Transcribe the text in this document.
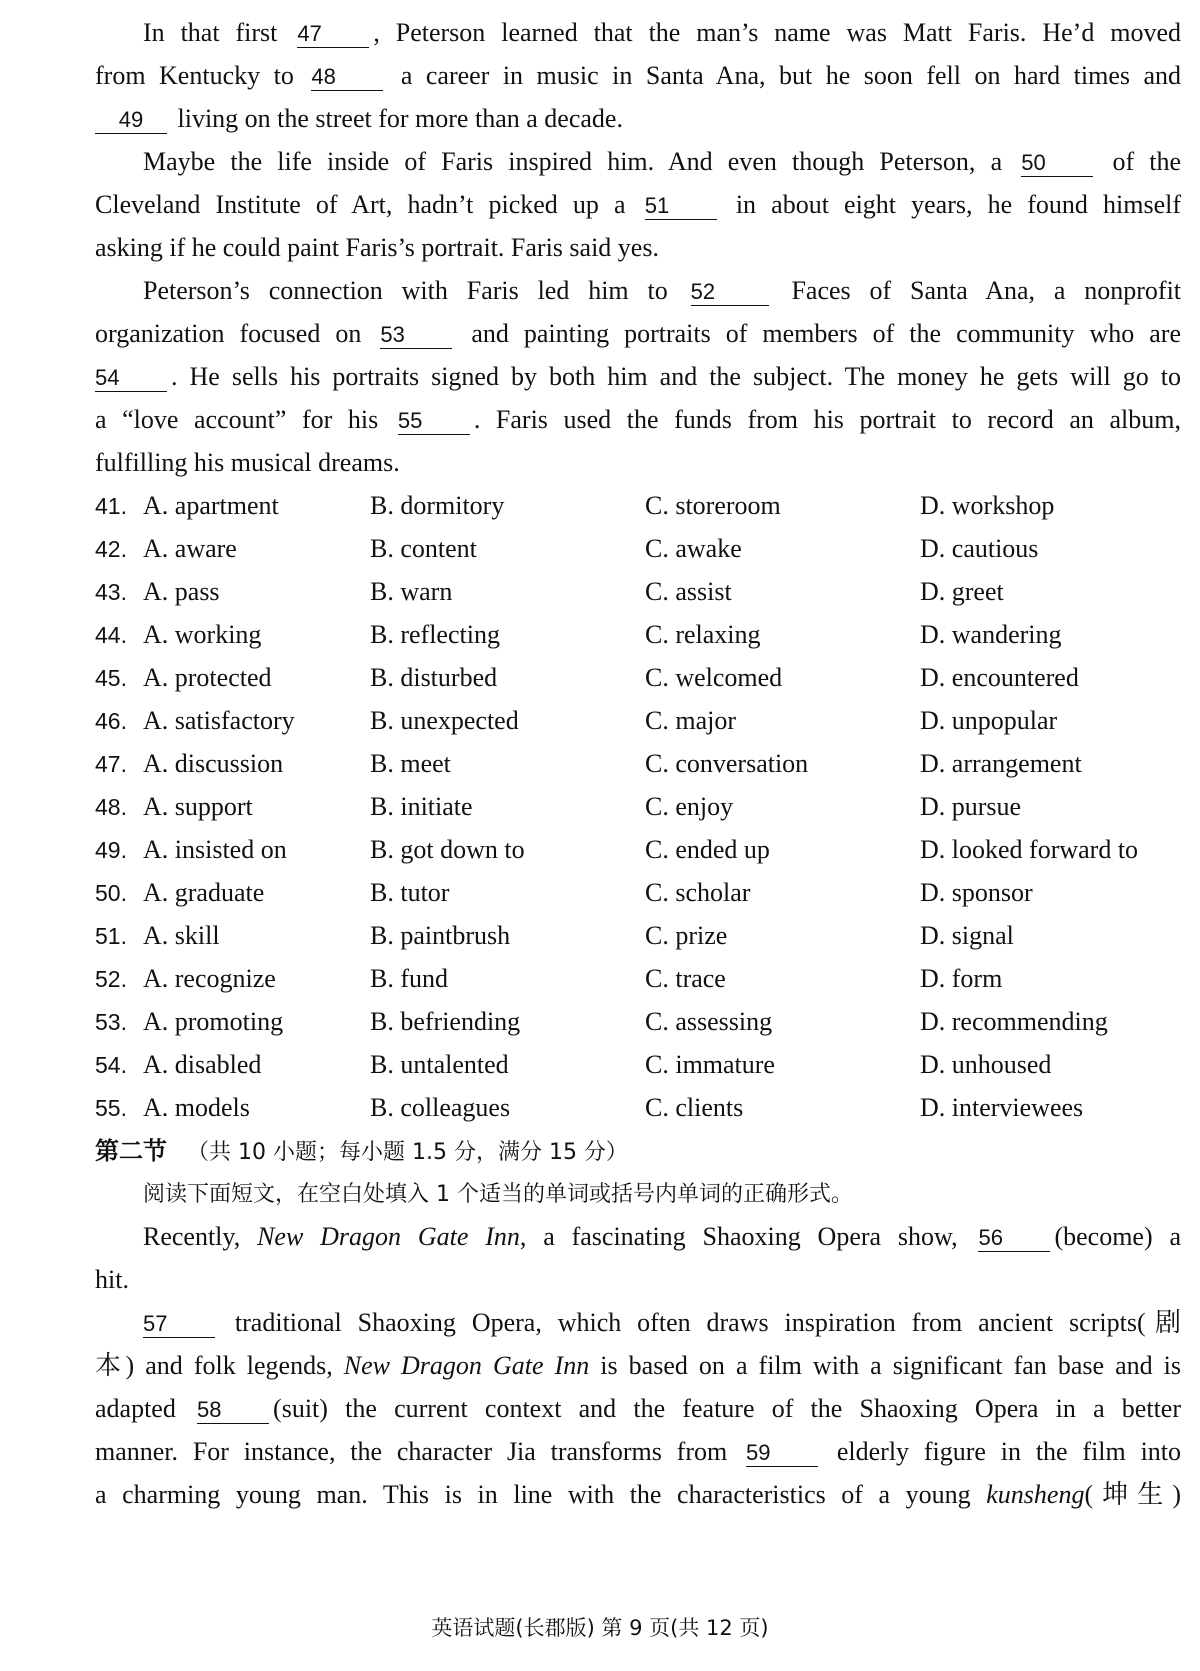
In that first 47 , Peterson learned that the man’s name was Matt Faris. He’d moved
from Kentucky to 48	a career in music in Santa Ana, but he soon fell on hard times and
49 living on the street for more than a decade.
Maybe the life inside of Faris inspired him. And even though Peterson, a 50	of the
Cleveland Institute of Art, hadn’t picked up a 51	in about eight years, he found himself
asking if he could paint Faris’s portrait. Faris said yes.
Peterson’s connection with Faris led him to 52	Faces of Santa Ana, a nonprofit
organization focused on 53	and painting portraits of members of the community who are
54 . He sells his portraits signed by both him and the subject. The money he gets will go to
a “love account” for his 55 . Faris used the funds from his portrait to record an album,
fulfilling his musical dreams.
41. A. apartment	B. dormitory	C. storeroom	D. workshop
42. A. aware	B. content	C. awake	D. cautious
43. A. pass	B. warn	C. assist	D. greet
44. A. working	B. reflecting	C. relaxing	D. wandering
45. A. protected	B. disturbed	C. welcomed	D. encountered
46. A. satisfactory	B. unexpected	C. major	D. unpopular
47. A. discussion	B. meet	C. conversation	D. arrangement
48. A. support	B. initiate	C. enjoy	D. pursue
49. A. insisted on	B. got down to	C. ended up	D. looked forward to
50. A. graduate	B. tutor	C. scholar	D. sponsor
51. A. skill	B. paintbrush	C. prize	D. signal
52. A. recognize	B. fund	C. trace	D. form
53. A. promoting	B. befriending	C. assessing	D. recommending
54. A. disabled	B. untalented	C. immature	D. unhoused
55. A. models	B. colleagues	C. clients	D. interviewees
第二节 （共 10 小题；每小题 1.5 分，满分 15 分）
阅读下面短文，在空白处填入 1 个适当的单词或括号内单词的正确形式。
Recently, New Dragon Gate Inn, a fascinating Shaoxing Opera show, 56 (become) a
hit.
57	traditional Shaoxing Opera, which often draws inspiration from ancient scripts(剧
本) and folk legends, New Dragon Gate Inn is based on a film with a significant fan base and is
adapted 58 (suit) the current context and the feature of the Shaoxing Opera in a better
manner. For instance, the character Jia transforms from 59	elderly figure in the film into
a charming young man. This is in line with the characteristics of a young kunsheng(坤生)
英语试题(长郡版) 第 9 页(共 12 页)
